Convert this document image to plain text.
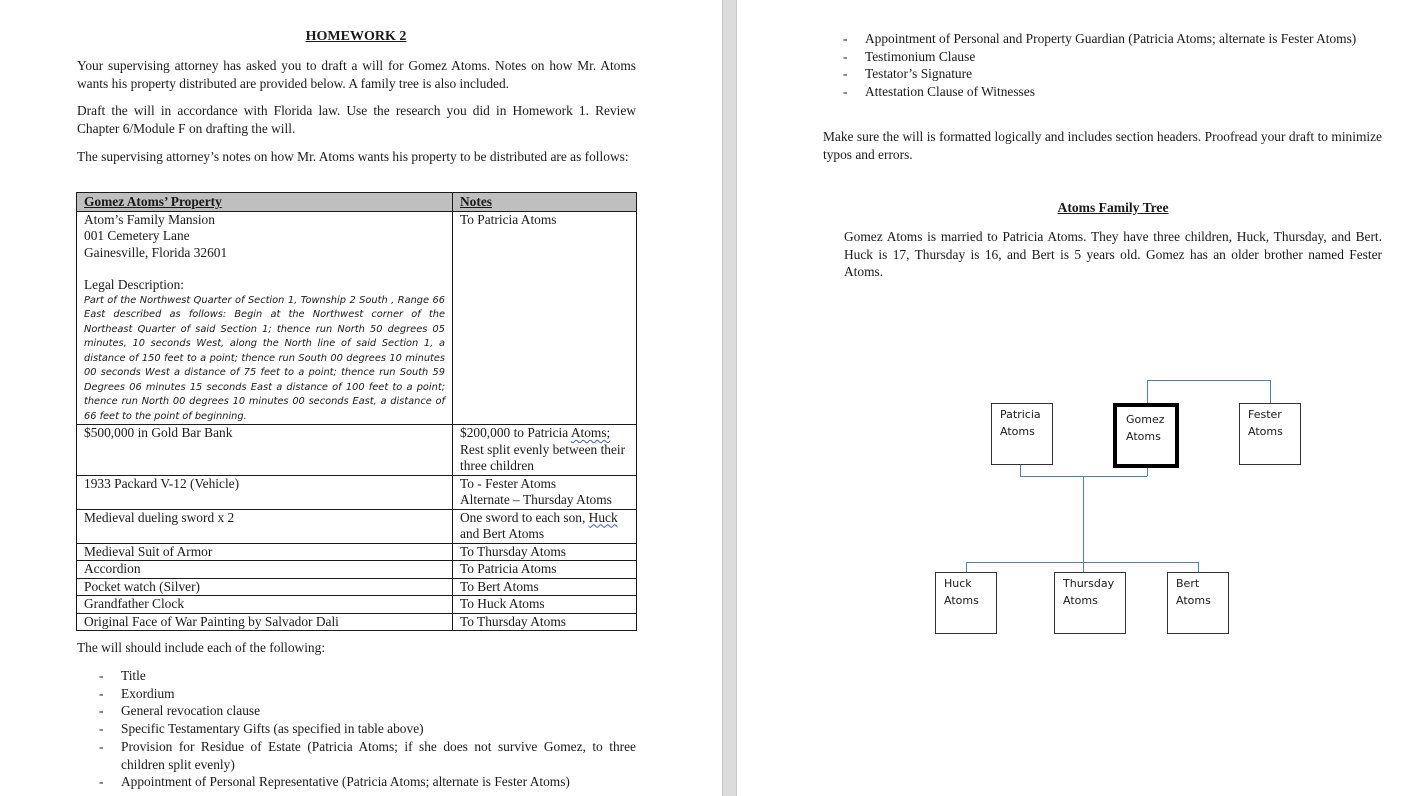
HOMEWORK 2
Your supervising attorney has asked you to draft a will for Gomez Atoms. Notes on how Mr. Atoms wants his property distributed are provided below. A family tree is also included.
Draft the will in accordance with Florida law. Use the research you did in Homework 1. Review Chapter 6/Module F on drafting the will.
The supervising attorney’s notes on how Mr. Atoms wants his property to be distributed are as follows:
Gomez Atoms’ Property	Notes

Atom’s Family Mansion
001 Cemetery Lane
Gainesville, Florida 32601
Legal Description:
Part of the Northwest Quarter of Section 1, Township 2 South , Range 66 East described as follows: Begin at the Northwest corner of the Northeast Quarter of said Section 1; thence run North 50 degrees 05 minutes, 10 seconds West, along the North line of said Section 1, a distance of 150 feet to a point; thence run South 00 degrees 10 minutes 00 seconds West a distance of 75 feet to a point; thence run South 59 Degrees 06 minutes 15 seconds East a distance of 100 feet to a point; thence run North 00 degrees 10 minutes 00 seconds East, a distance of 66 feet to the point of beginning.	To Patricia Atoms
$500,000 in Gold Bar Bank	$200,000 to Patricia Atoms; Rest split evenly between their three children
1933 Packard V-12 (Vehicle)	To - Fester Atoms
Alternate – Thursday Atoms

Medieval dueling sword x 2	One sword to each son, Huck and Bert Atoms
Medieval Suit of Armor	To Thursday Atoms
Accordion	To Patricia Atoms
Pocket watch (Silver)	To Bert Atoms
Grandfather Clock	To Huck Atoms
Original Face of War Painting by Salvador Dali	To Thursday Atoms
The will should include each of the following:
- Title
- Exordium
- General revocation clause
- Specific Testamentary Gifts (as specified in table above)
- Provision for Residue of Estate (Patricia Atoms; if she does not survive Gomez, to three children split evenly)
- Appointment of Personal Representative (Patricia Atoms; alternate is Fester Atoms)
- Appointment of Personal and Property Guardian (Patricia Atoms; alternate is Fester Atoms)
- Testimonium Clause
- Testator’s Signature
- Attestation Clause of Witnesses
Make sure the will is formatted logically and includes section headers. Proofread your draft to minimize typos and errors.
Atoms Family Tree
Gomez Atoms is married to Patricia Atoms. They have three children, Huck, Thursday, and Bert. Huck is 17, Thursday is 16, and Bert is 5 years old. Gomez has an older brother named Fester Atoms.
Patricia
Atoms
Gomez
Atoms
Fester
Atoms
Huck
Atoms
Thursday
Atoms
Bert
Atoms
